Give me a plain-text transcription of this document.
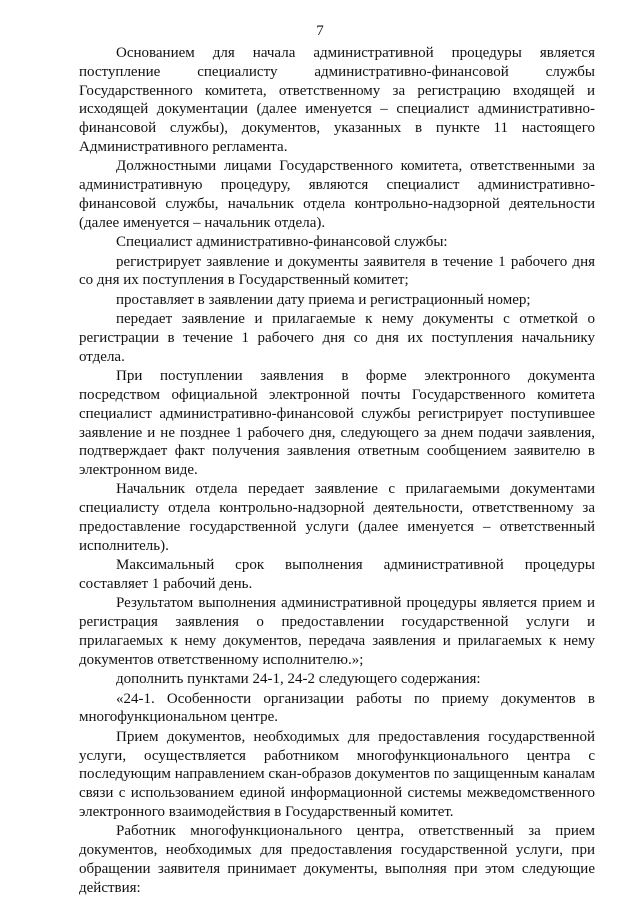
7

Основанием для начала административной процедуры является поступление специалисту административно-финансовой службы Государственного комитета, ответственному за регистрацию входящей и исходящей документации (далее именуется – специалист административно-финансовой службы), документов, указанных в пункте 11 настоящего Административного регламента.

Должностными лицами Государственного комитета, ответственными за административную процедуру, являются специалист административно-финансовой службы, начальник отдела контрольно-надзорной деятельности (далее именуется – начальник отдела).

Специалист административно-финансовой службы:

регистрирует заявление и документы заявителя в течение 1 рабочего дня со дня их поступления в Государственный комитет;

проставляет в заявлении дату приема и регистрационный номер;

передает заявление и прилагаемые к нему документы с отметкой о регистрации в течение 1 рабочего дня со дня их поступления начальнику отдела.

При поступлении заявления в форме электронного документа посредством официальной электронной почты Государственного комитета специалист административно-финансовой службы регистрирует поступившее заявление и не позднее 1 рабочего дня, следующего за днем подачи заявления, подтверждает факт получения заявления ответным сообщением заявителю в электронном виде.

Начальник отдела передает заявление с прилагаемыми документами специалисту отдела контрольно-надзорной деятельности, ответственному за предоставление государственной услуги (далее именуется – ответственный исполнитель).

Максимальный срок выполнения административной процедуры составляет 1 рабочий день.

Результатом выполнения административной процедуры является прием и регистрация заявления о предоставлении государственной услуги и прилагаемых к нему документов, передача заявления и прилагаемых к нему документов ответственному исполнителю.»;

дополнить пунктами 24-1, 24-2 следующего содержания:

«24-1. Особенности организации работы по приему документов в многофункциональном центре.

Прием документов, необходимых для предоставления государственной услуги, осуществляется работником многофункционального центра с последующим направлением скан-образов документов по защищенным каналам связи с использованием единой информационной системы межведомственного электронного взаимодействия в Государственный комитет.

Работник многофункционального центра, ответственный за прием документов, необходимых для предоставления государственной услуги, при обращении заявителя принимает документы, выполняя при этом следующие действия:
